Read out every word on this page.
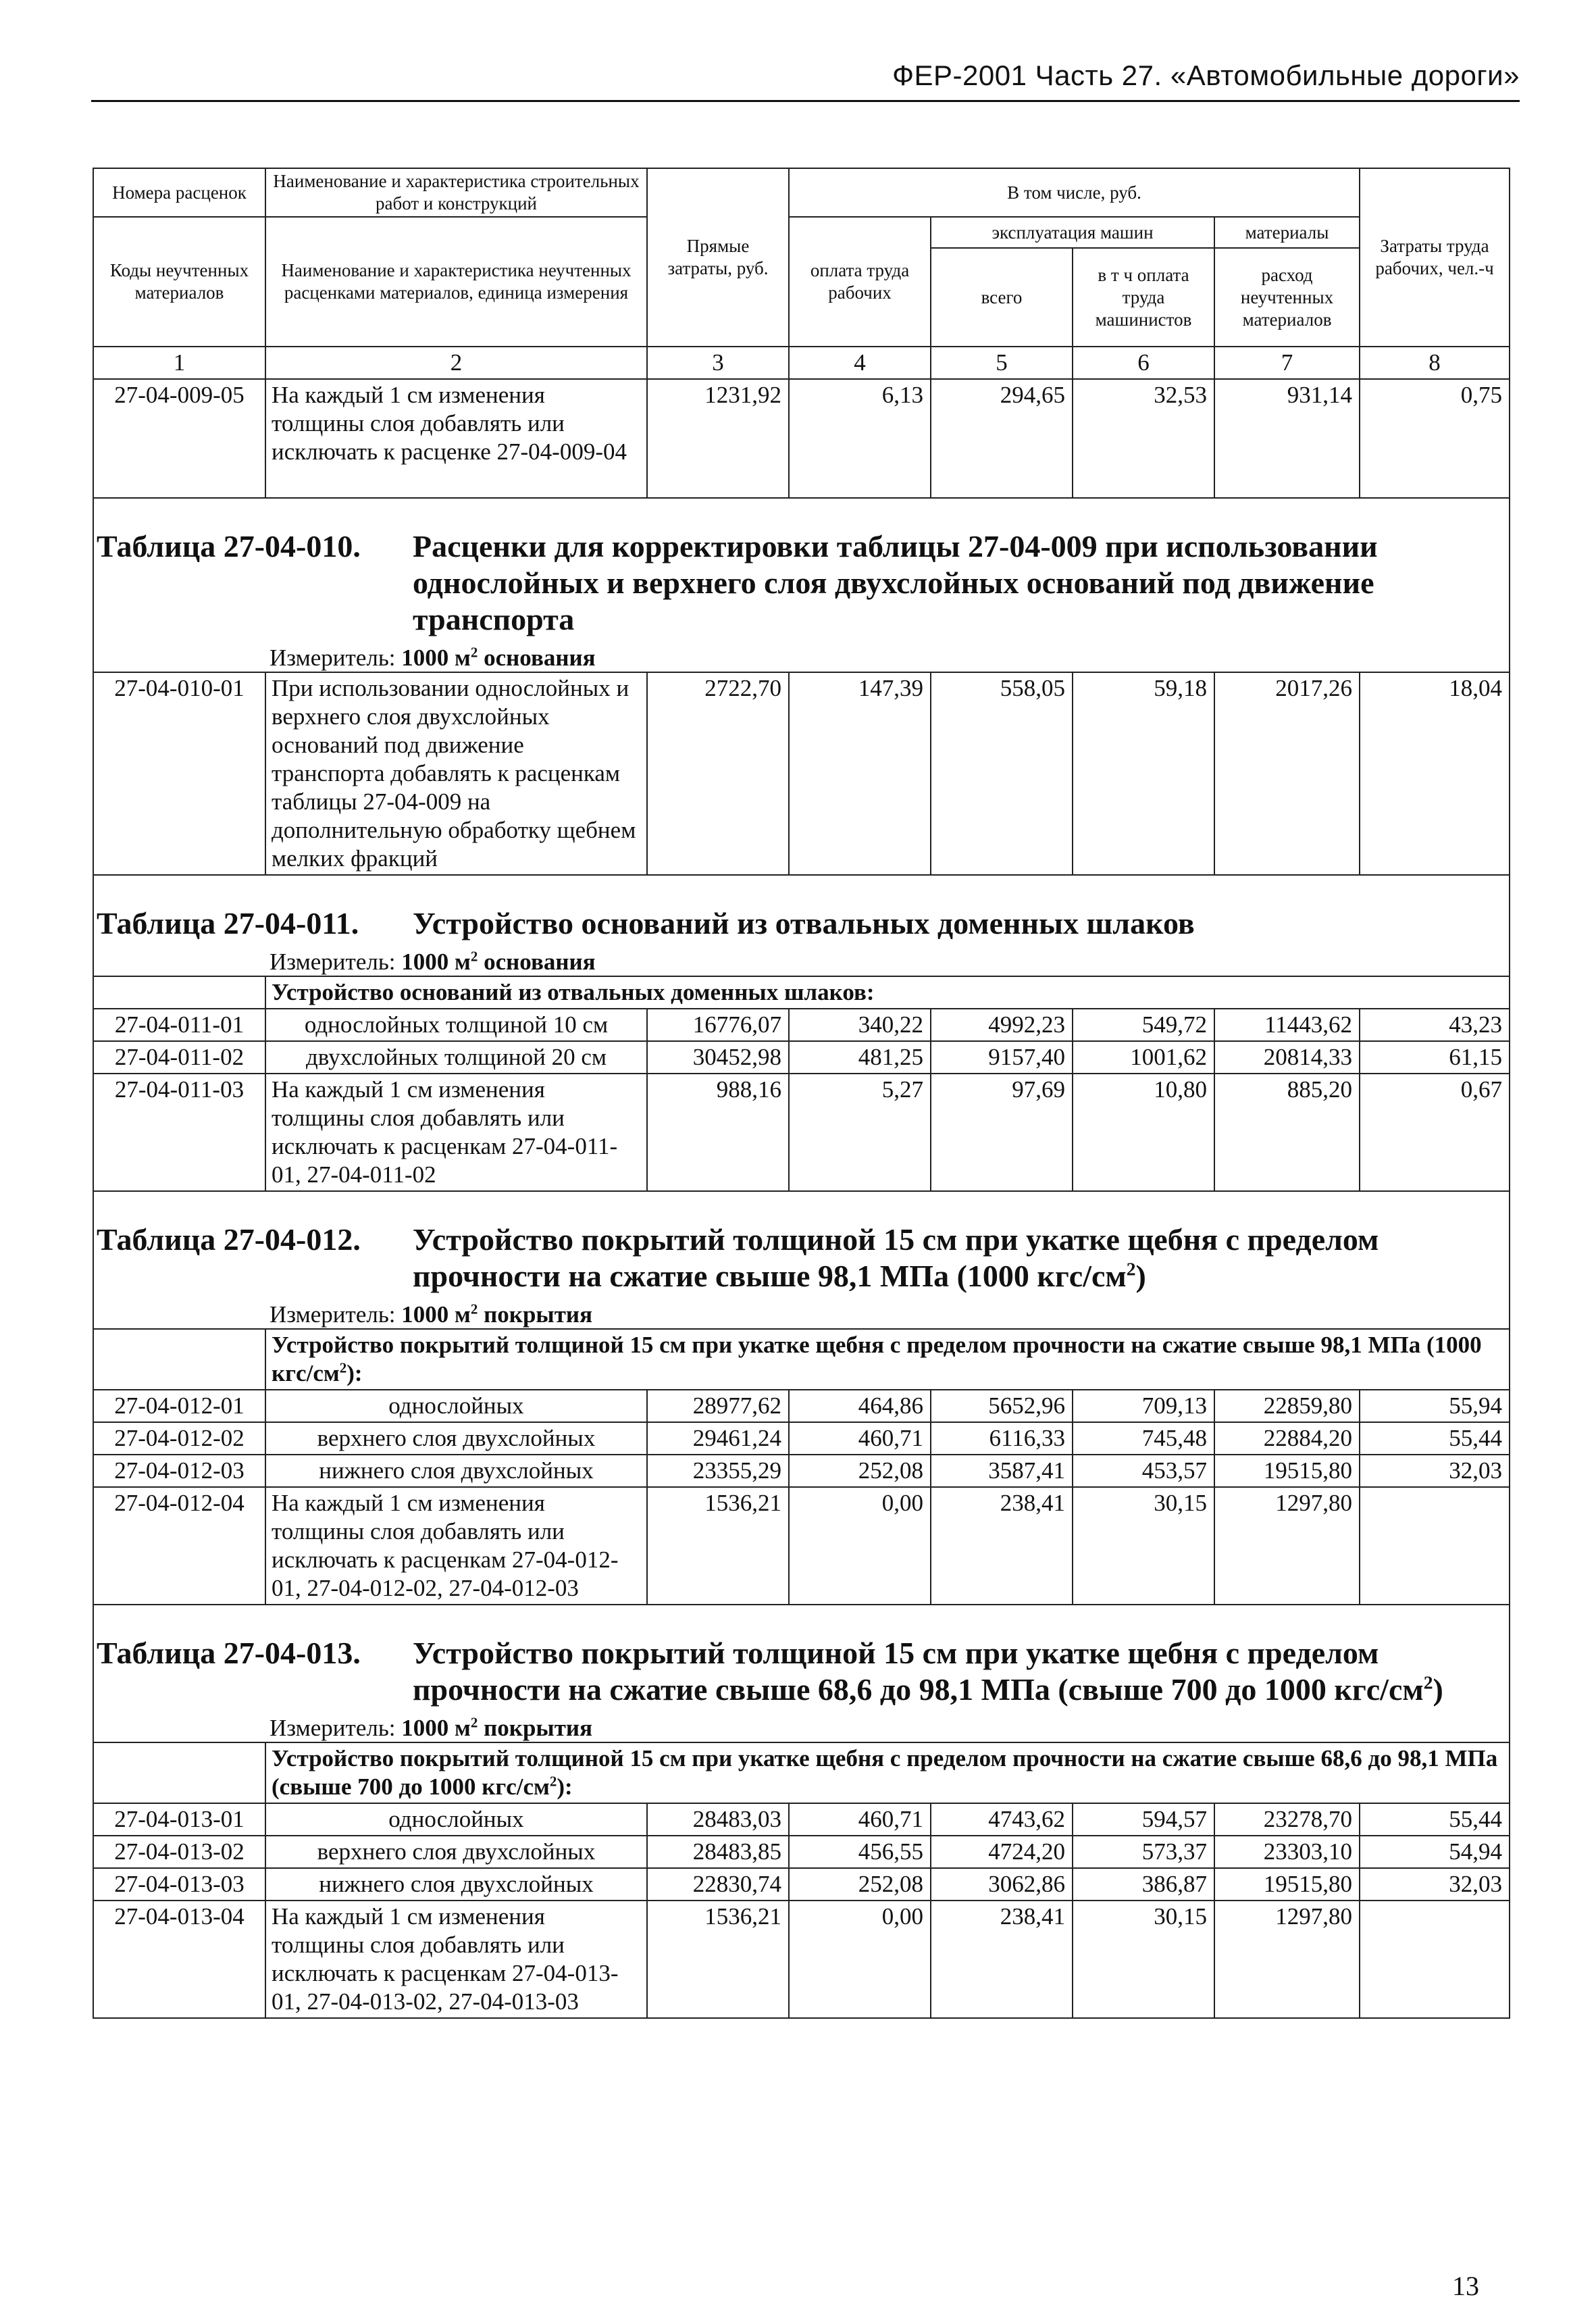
ФЕР-2001 Часть 27. «Автомобильные дороги»
Номера расценок	Наименование и характеристика строительных работ и конструкций	Прямые затраты, руб.	В том числе, руб.				Затраты труда рабочих, чел.-ч
Коды неучтенных материалов	Наименование и характеристика неучтенных расценками материалов, единица измерения		оплата труда рабочих	эксплуатация машин		материалы	
				всего	в т ч оплата труда машинистов	расход неучтенных материалов	
1	2	3	4	5	6	7	8
27-04-009-05	На каждый 1 см изменения толщины слоя добавлять или исключать к расценке 27-04-009-04	1231,92	6,13	294,65	32,53	931,14	0,75
Таблица 27-04-010. Расценки для корректировки таблицы 27-04-009 при использовании однослойных и верхнего слоя двухслойных оснований под движение транспорта							
Измеритель: 1000 $м^2$ основания							
27-04-010-01	При использовании однослойных и верхнего слоя двухслойных оснований под движение транспорта добавлять к расценкам таблицы 27-04-009 на дополнительную обработку щебнем мелких фракций	2722,70	147,39	558,05	59,18	2017,26	18,04
Таблица 27-04-011. Устройство оснований из отвальных доменных шлаков							
Измеритель: 1000 $м^2$ основания							
	Устройство оснований из отвальных доменных шлаков:						
27-04-011-01	однослойных толщиной 10 см	16776,07	340,22	4992,23	549,72	11443,62	43,23
27-04-011-02	двухслойных толщиной 20 см	30452,98	481,25	9157,40	1001,62	20814,33	61,15
27-04-011-03	На каждый 1 см изменения толщины слоя добавлять или исключать к расценкам 27-04-011-01, 27-04-011-02	988,16	5,27	97,69	10,80	885,20	0,67
Таблица 27-04-012. Устройство покрытий толщиной 15 см при укатке щебня с пределом прочности на сжатие свыше 98,1 МПа (1000 кгс/$см^2$)							
Измеритель: 1000 $м^2$ покрытия							
	Устройство покрытий толщиной 15 см при укатке щебня с пределом прочности на сжатие свыше 98,1 МПа (1000 кгс/$см^2$):						
27-04-012-01	однослойных	28977,62	464,86	5652,96	709,13	22859,80	55,94
27-04-012-02	верхнего слоя двухслойных	29461,24	460,71	6116,33	745,48	22884,20	55,44
27-04-012-03	нижнего слоя двухслойных	23355,29	252,08	3587,41	453,57	19515,80	32,03
27-04-012-04	На каждый 1 см изменения толщины слоя добавлять или исключать к расценкам 27-04-012-01, 27-04-012-02, 27-04-012-03	1536,21	0,00	238,41	30,15	1297,80	
Таблица 27-04-013. Устройство покрытий толщиной 15 см при укатке щебня с пределом прочности на сжатие свыше 68,6 до 98,1 МПа (свыше 700 до 1000 кгс/$см^2$)							
Измеритель: 1000 $м^2$ покрытия							
	Устройство покрытий толщиной 15 см при укатке щебня с пределом прочности на сжатие свыше 68,6 до 98,1 МПа (свыше 700 до 1000 кгс/$см^2$):						
27-04-013-01	однослойных	28483,03	460,71	4743,62	594,57	23278,70	55,44
27-04-013-02	верхнего слоя двухслойных	28483,85	456,55	4724,20	573,37	23303,10	54,94
27-04-013-03	нижнего слоя двухслойных	22830,74	252,08	3062,86	386,87	19515,80	32,03
27-04-013-04	На каждый 1 см изменения толщины слоя добавлять или исключать к расценкам 27-04-013-01, 27-04-013-02, 27-04-013-03	1536,21	0,00	238,41	30,15	1297,80	
13
